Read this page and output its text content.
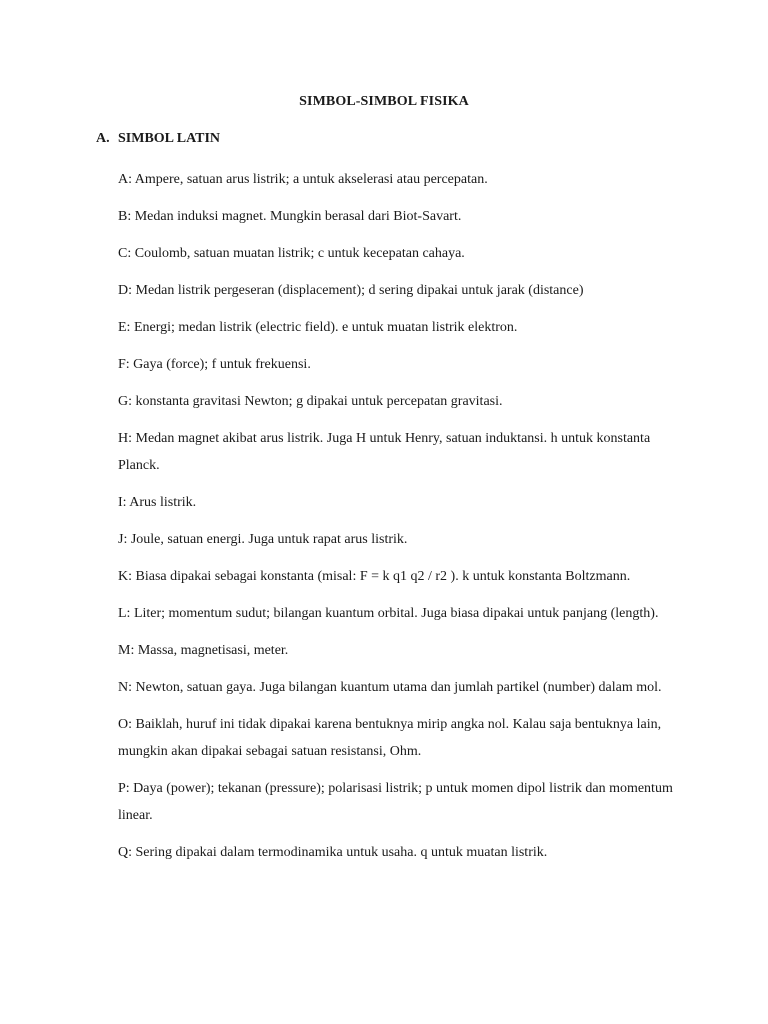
SIMBOL-SIMBOL FISIKA
A. SIMBOL LATIN
A: Ampere, satuan arus listrik; a untuk akselerasi atau percepatan.
B: Medan induksi magnet. Mungkin berasal dari Biot-Savart.
C: Coulomb, satuan muatan listrik; c untuk kecepatan cahaya.
D: Medan listrik pergeseran (displacement); d sering dipakai untuk jarak (distance)
E: Energi; medan listrik (electric field). e untuk muatan listrik elektron.
F: Gaya (force); f untuk frekuensi.
G: konstanta gravitasi Newton; g dipakai untuk percepatan gravitasi.
H: Medan magnet akibat arus listrik. Juga H untuk Henry, satuan induktansi. h untuk konstanta Planck.
I: Arus listrik.
J: Joule, satuan energi. Juga untuk rapat arus listrik.
K: Biasa dipakai sebagai konstanta (misal: F = k q1 q2 / r2 ). k untuk konstanta Boltzmann.
L: Liter; momentum sudut; bilangan kuantum orbital. Juga biasa dipakai untuk panjang (length).
M: Massa, magnetisasi, meter.
N: Newton, satuan gaya. Juga bilangan kuantum utama dan jumlah partikel (number) dalam mol.
O: Baiklah, huruf ini tidak dipakai karena bentuknya mirip angka nol. Kalau saja bentuknya lain, mungkin akan dipakai sebagai satuan resistansi, Ohm.
P: Daya (power); tekanan (pressure); polarisasi listrik; p untuk momen dipol listrik dan momentum linear.
Q: Sering dipakai dalam termodinamika untuk usaha. q untuk muatan listrik.
